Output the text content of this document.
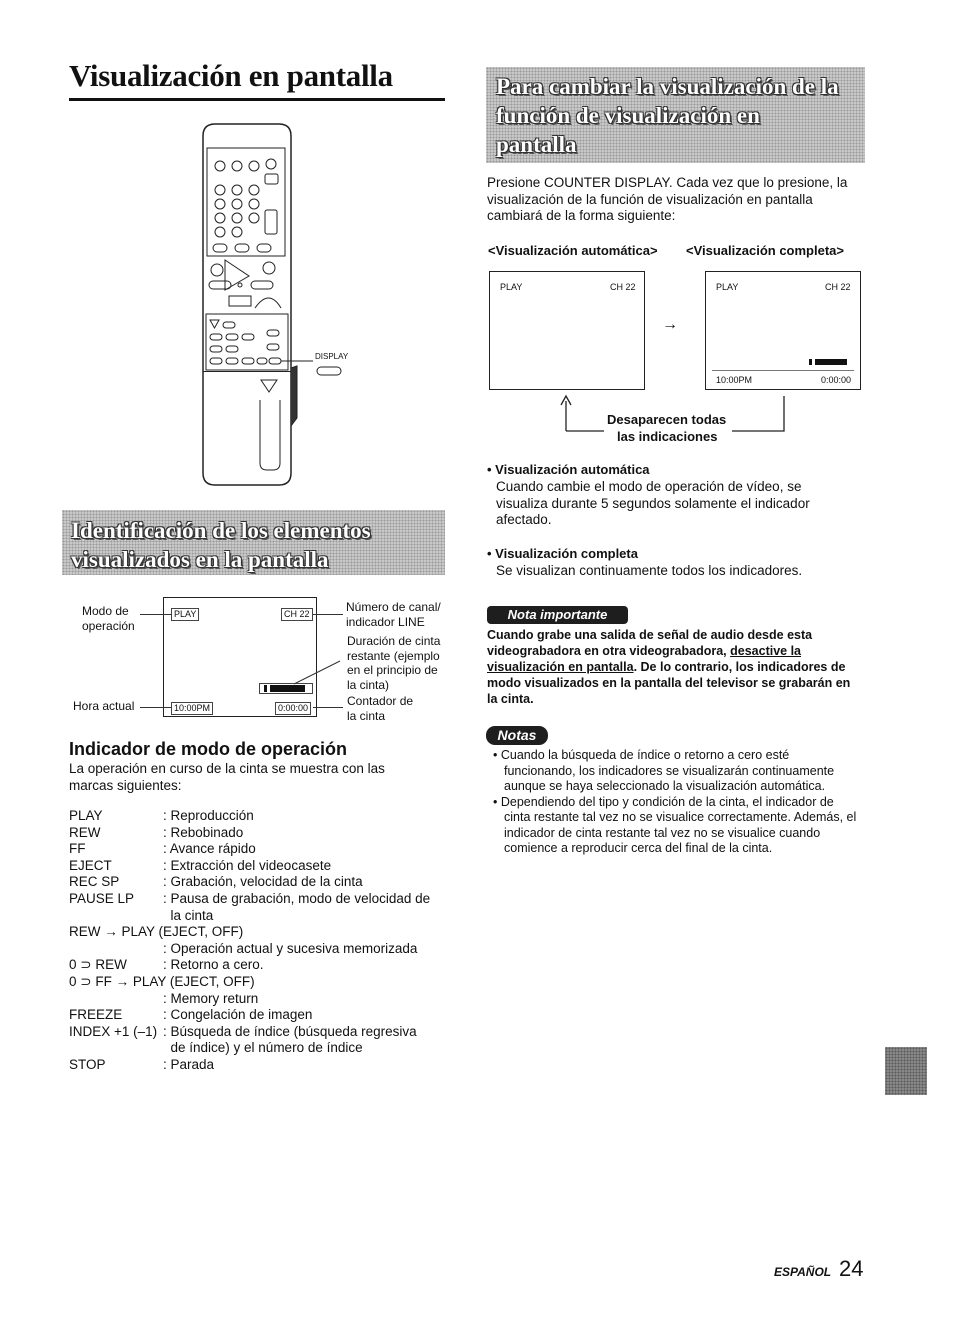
Visualización en pantalla
DISPLAY
Identificación de los elementos
visualizados en la pantalla
PLAY	CH 22
10:00PM	0:00:00
Modo de
operación
Hora actual
Número de canal/
indicador LINE
Duración de cinta
restante (ejemplo
en el principio de
la cinta)
Contador de
la cinta
Indicador de modo de operación
La operación en curso de la cinta se muestra con las marcas siguientes:
PLAY	: Reproducción
REW	: Rebobinado
FF	: Avance rápido
EJECT	: Extracción del videocasete
REC SP	: Grabación, velocidad de la cinta
PAUSE LP : Pausa de grabación, modo de velocidad de
la cinta
REW → PLAY (EJECT, OFF)
: Operación actual y sucesiva memorizada
0 ⊃ REW	: Retorno a cero.
0 ⊃ FF → PLAY (EJECT, OFF)
: Memory return
FREEZE	: Congelación de imagen
INDEX +1 (–1) : Búsqueda de índice (búsqueda regresiva
de índice) y el número de índice
STOP	: Parada
Para cambiar la visualización de la
función de visualización en
pantalla
Presione COUNTER DISPLAY. Cada vez que lo presione, la visualización de la función de visualización en pantalla cambiará de la forma siguiente:
<Visualización automática> <Visualización completa>
PLAY	CH 22
→
PLAY	CH 22
10:00PM	0:00:00
Desaparecen todas
las indicaciones
• Visualización automática
Cuando cambie el modo de operación de vídeo, se visualiza durante 5 segundos solamente el indicador afectado.
• Visualización completa
Se visualizan continuamente todos los indicadores.
Nota importante
Cuando grabe una salida de señal de audio desde esta videograbadora en otra videograbadora, desactive la visualización en pantalla. De lo contrario, los indicadores de modo visualizados en la pantalla del televisor se grabarán en la cinta.
Notas
• Cuando la búsqueda de índice o retorno a cero esté funcionando, los indicadores se visualizarán continuamente aunque se haya seleccionado la visualización automática.
• Dependiendo del tipo y condición de la cinta, el indicador de cinta restante tal vez no se visualice correctamente. Además, el indicador de cinta restante tal vez no se visualice cuando comience a reproducir cerca del final de la cinta.
ESPAÑOL 24
